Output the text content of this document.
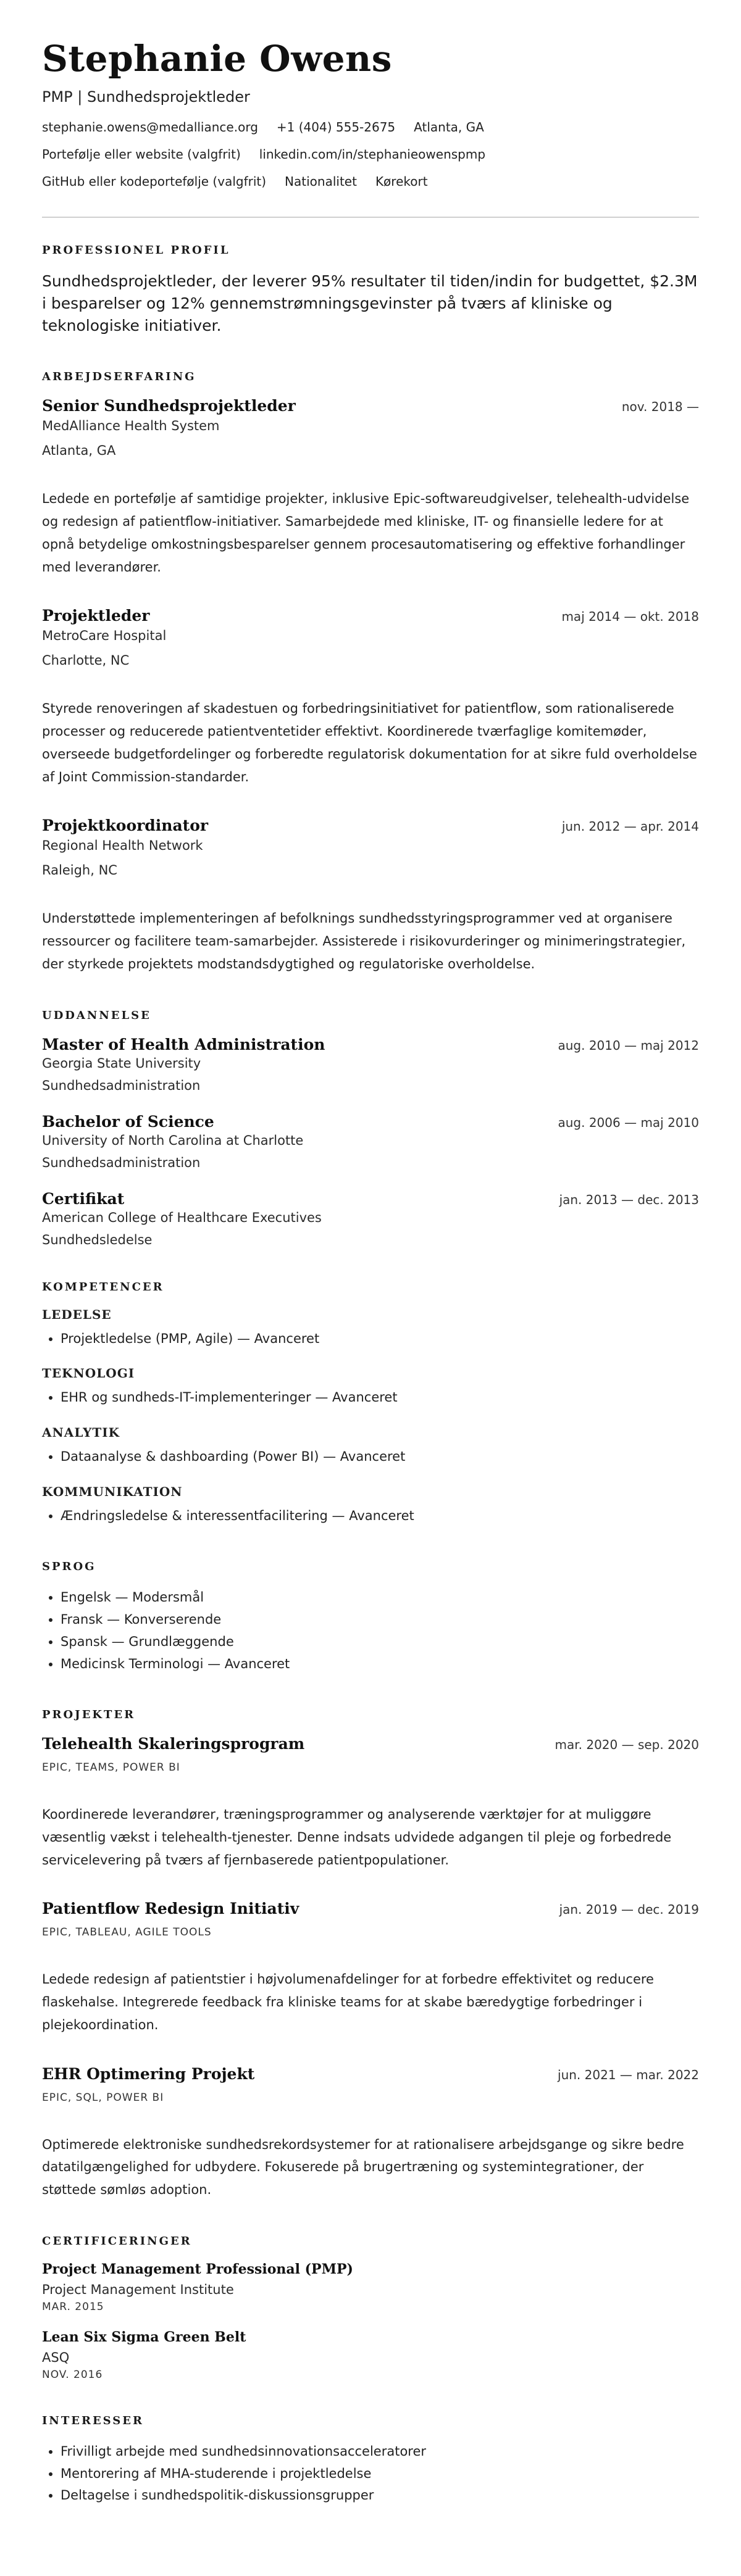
Stephanie Owens
PMP | Sundhedsprojektleder
stephanie.owens@medalliance.org +1 (404) 555-2675 Atlanta, GA
Portefølje eller website (valgfrit) linkedin.com/in/stephanieowenspmp
GitHub eller kodeportefølje (valgfrit) Nationalitet Kørekort
PROFESSIONEL PROFIL

Sundhedsprojektleder, der leverer 95% resultater til tiden/indin for budgettet, $2.3M i besparelser og 12% gennemstrømningsgevinster på tværs af kliniske og teknologiske initiativer.

ARBEJDSERFARING
Senior Sundhedsprojektleder	nov. 2018 —
MedAlliance Health System
Atlanta, GA

Ledede en portefølje af samtidige projekter, inklusive Epic-softwareudgivelser, telehealth-udvidelse og redesign af patientflow-initiativer. Samarbejdede med kliniske, IT- og finansielle ledere for at opnå betydelige omkostningsbesparelser gennem procesautomatisering og effektive forhandlinger med leverandører.

Projektleder	maj 2014 — okt. 2018
MetroCare Hospital
Charlotte, NC

Styrede renoveringen af skadestuen og forbedringsinitiativet for patientflow, som rationaliserede processer og reducerede patientventetider effektivt. Koordinerede tværfaglige komitemøder, overseede budgetfordelinger og forberedte regulatorisk dokumentation for at sikre fuld overholdelse af Joint Commission-standarder.

Projektkoordinator	jun. 2012 — apr. 2014
Regional Health Network
Raleigh, NC

Understøttede implementeringen af befolknings sundhedsstyringsprogrammer ved at organisere ressourcer og facilitere team-samarbejder. Assisterede i risikovurderinger og minimeringstrategier, der styrkede projektets modstandsdygtighed og regulatoriske overholdelse.

UDDANNELSE
Master of Health Administration	aug. 2010 — maj 2012
Georgia State University
Sundhedsadministration
Bachelor of Science	aug. 2006 — maj 2010
University of North Carolina at Charlotte
Sundhedsadministration
Certifikat	jan. 2013 — dec. 2013
American College of Healthcare Executives
Sundhedsledelse
KOMPETENCER
LEDELSE
• Projektledelse (PMP, Agile) — Avanceret
TEKNOLOGI
• EHR og sundheds-IT-implementeringer — Avanceret
ANALYTIK
• Dataanalyse & dashboarding (Power BI) — Avanceret
KOMMUNIKATION
• Ændringsledelse & interessentfacilitering — Avanceret
SPROG
• Engelsk — Modersmål
• Fransk — Konverserende
• Spansk — Grundlæggende
• Medicinsk Terminologi — Avanceret
PROJEKTER
Telehealth Skaleringsprogram	mar. 2020 — sep. 2020
EPIC, TEAMS, POWER BI

Koordinerede leverandører, træningsprogrammer og analyserende værktøjer for at muliggøre væsentlig vækst i telehealth-tjenester. Denne indsats udvidede adgangen til pleje og forbedrede servicelevering på tværs af fjernbaserede patientpopulationer.

Patientflow Redesign Initiativ	jan. 2019 — dec. 2019
EPIC, TABLEAU, AGILE TOOLS

Ledede redesign af patientstier i højvolumenafdelinger for at forbedre effektivitet og reducere flaskehalse. Integrerede feedback fra kliniske teams for at skabe bæredygtige forbedringer i plejekoordination.

EHR Optimering Projekt	jun. 2021 — mar. 2022
EPIC, SQL, POWER BI

Optimerede elektroniske sundhedsrekordsystemer for at rationalisere arbejdsgange og sikre bedre datatilgængelighed for udbydere. Fokuserede på brugertræning og systemintegrationer, der støttede sømløs adoption.

CERTIFICERINGER
Project Management Professional (PMP)
Project Management Institute
MAR. 2015
Lean Six Sigma Green Belt
ASQ
NOV. 2016
INTERESSER
• Frivilligt arbejde med sundhedsinnovationsacceleratorer
• Mentorering af MHA-studerende i projektledelse
• Deltagelse i sundhedspolitik-diskussionsgrupper
